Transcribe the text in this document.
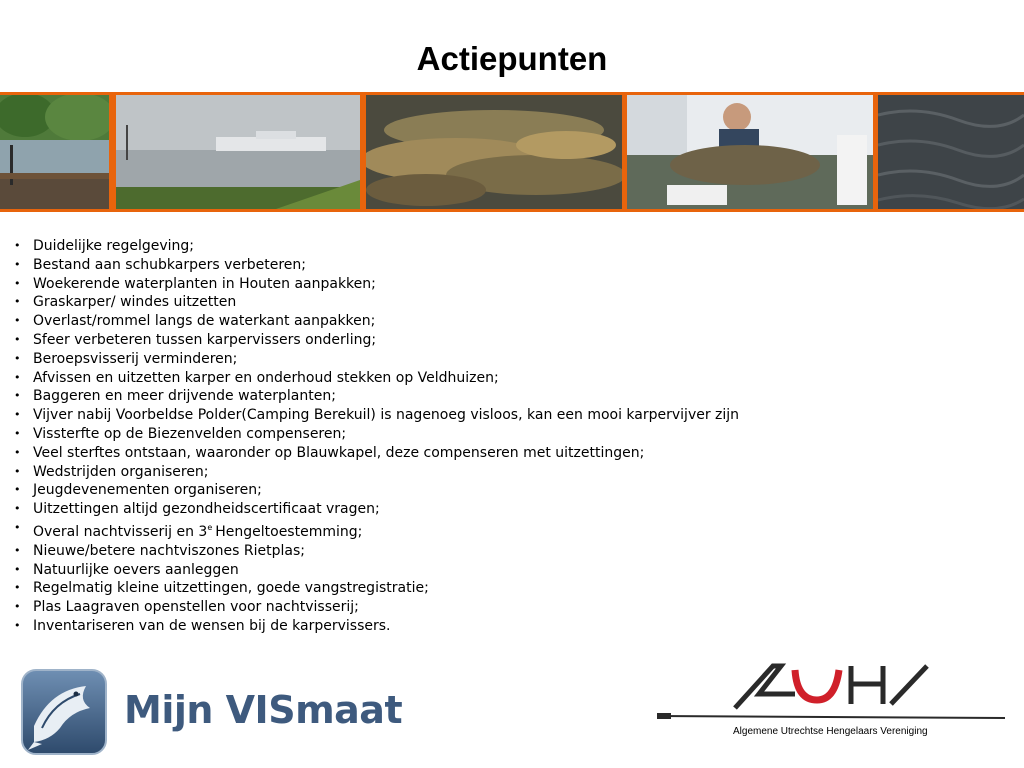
Actiepunten
• Duidelijke regelgeving;
• Bestand aan schubkarpers verbeteren;
• Woekerende waterplanten in Houten aanpakken;
• Graskarper/ windes uitzetten
• Overlast/rommel langs de waterkant aanpakken;
• Sfeer verbeteren tussen karpervissers onderling;
• Beroepsvisserij verminderen;
• Afvissen en uitzetten karper en onderhoud stekken op Veldhuizen;
• Baggeren en meer drijvende waterplanten;
• Vijver nabij Voorbeldse Polder(Camping Berekuil) is nagenoeg visloos, kan een mooi karpervijver zijn
• Vissterfte op de Biezenvelden compenseren;
• Veel sterftes ontstaan, waaronder op Blauwkapel, deze compenseren met uitzettingen;
• Wedstrijden organiseren;
• Jeugdevenementen organiseren;
• Uitzettingen altijd gezondheidscertificaat vragen;
• Overal nachtvisserij en 3e Hengeltoestemming;
• Nieuwe/betere nachtviszones Rietplas;
• Natuurlijke oevers aanleggen
• Regelmatig kleine uitzettingen, goede vangstregistratie;
• Plas Laagraven openstellen voor nachtvisserij;
• Inventariseren van de wensen bij de karpervissers.
Mijn VISmaat	Algemene Utrechtse Hengelaars Vereniging
